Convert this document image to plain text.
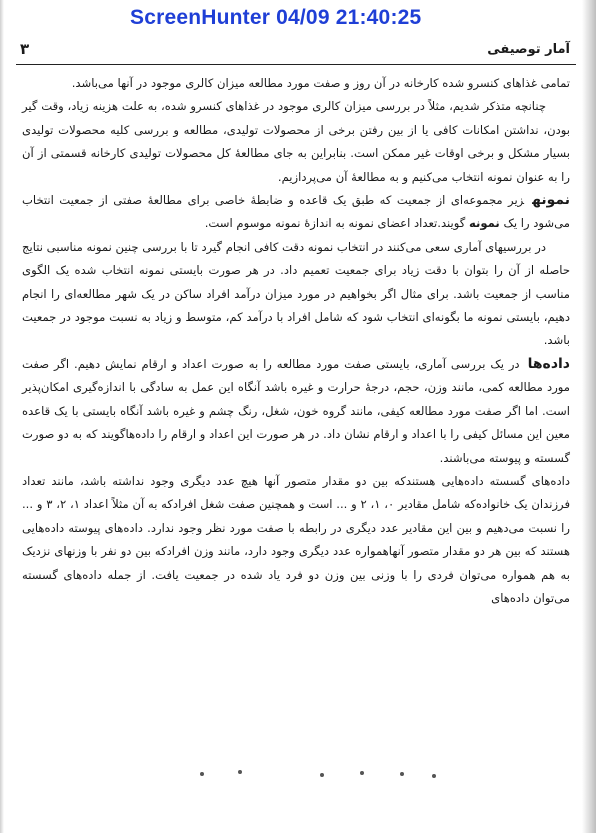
ScreenHunter 04/09 21:40:25
آمار توصیفی
۳

تمامی غذاهای کنسرو شده کارخانه در آن روز و صفت مورد مطالعه میزان کالری موجود در آنها می‌باشد.

چنانچه متذکر شدیم، مثلاً در بررسی میزان کالری موجود در غذاهای کنسرو شده، به علت هزینه زیاد، وقت گیر بودن، نداشتن امکانات کافی یا از بین رفتن برخی از محصولات تولیدی، مطالعه و بررسی کلیه محصولات تولیدی بسیار مشکل و برخی اوقات غیر ممکن است. بنابراین به جای مطالعهٔ کل محصولات تولیدی کارخانه قسمتی از آن را به عنوان نمونه انتخاب می‌کنیم و به مطالعهٔ آن می‌پردازیم.

نمونهزیر مجموعه‌ای از جمعیت که طبق یک قاعده و ضابطهٔ خاصی برای مطالعهٔ صفتی از جمعیت انتخاب می‌شود را یک نمونه گویند.تعداد اعضای نمونه به اندازهٔ نمونه موسوم است.

در بررسیهای آماری سعی می‌کنند در انتخاب نمونه دقت کافی انجام گیرد تا با بررسی چنین نمونه مناسبی نتایج حاصله از آن را بتوان با دقت زیاد برای جمعیت تعمیم داد. در هر صورت بایستی نمونه انتخاب شده یک الگوی مناسب از جمعیت باشد. برای مثال اگر بخواهیم در مورد میزان درآمد افراد ساکن در یک شهر مطالعه‌ای را انجام دهیم، بایستی نمونه ما بگونه‌ای انتخاب شود که شامل افراد با درآمد کم، متوسط و زیاد به نسبت موجود در جمعیت باشد.

داده‌هادر یک بررسی آماری، بایستی صفت مورد مطالعه را به صورت اعداد و ارقام نمایش دهیم. اگر صفت مورد مطالعه کمی، مانند وزن، حجم، درجهٔ حرارت و غیره باشد آنگاه این عمل به سادگی با اندازه‌گیری امکان‌پذیر است. اما اگر صفت مورد مطالعه کیفی، مانند گروه خون، شغل، رنگ چشم و غیره باشد آنگاه بایستی با یک قاعده معین این مسائل کیفی را با اعداد و ارقام نشان داد. در هر صورت این اعداد و ارقام را داده‌هاگویند که به دو صورت گسسته و پیوسته می‌باشند.

داده‌های گسسته داده‌هایی هستندکه بین دو مقدار متصور آنها هیچ عدد دیگری وجود نداشته باشد، مانند تعداد فرزندان یک خانواده‌که شامل مقادیر ۰، ۱، ۲ و ... است و همچنین صفت شغل افرادکه به آن مثلاً اعداد ۱، ۲، ۳ و ... را نسبت می‌دهیم و بین این مقادیر عدد دیگری در رابطه با صفت مورد نظر وجود ندارد. داده‌های پیوسته داده‌هایی هستند که بین هر دو مقدار متصور آنهاهمواره عدد دیگری وجود دارد، مانند وزن افرادکه بین دو نفر با وزنهای نزدیک به هم همواره می‌توان فردی را با وزنی بین وزن دو فرد یاد شده در جمعیت یافت. از جمله داده‌های گسسته می‌توان داده‌های
